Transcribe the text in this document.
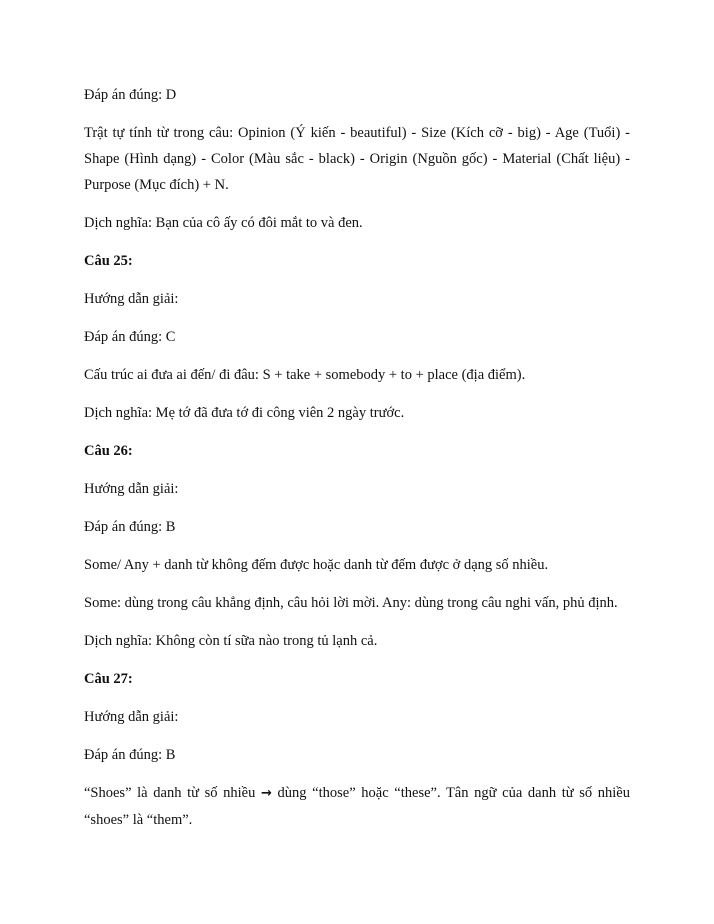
Đáp án đúng: D

Trật tự tính từ trong câu: Opinion (Ý kiến - beautiful) - Size (Kích cỡ - big) - Age (Tuổi) - Shape (Hình dạng) - Color (Màu sắc - black) - Origin (Nguồn gốc) - Material (Chất liệu) - Purpose (Mục đích) + N.

Dịch nghĩa: Bạn của cô ấy có đôi mắt to và đen.

Câu 25:

Hướng dẫn giải:

Đáp án đúng: C

Cấu trúc ai đưa ai đến/ đi đâu: S + take + somebody + to + place (địa điểm).

Dịch nghĩa: Mẹ tớ đã đưa tớ đi công viên 2 ngày trước.

Câu 26:

Hướng dẫn giải:

Đáp án đúng: B

Some/ Any + danh từ không đếm được hoặc danh từ đếm được ở dạng số nhiều.

Some: dùng trong câu khẳng định, câu hỏi lời mời. Any: dùng trong câu nghi vấn, phủ định.

Dịch nghĩa: Không còn tí sữa nào trong tủ lạnh cả.

Câu 27:

Hướng dẫn giải:

Đáp án đúng: B

“Shoes” là danh từ số nhiều → dùng “those” hoặc “these”. Tân ngữ của danh từ số nhiều “shoes” là “them”.
